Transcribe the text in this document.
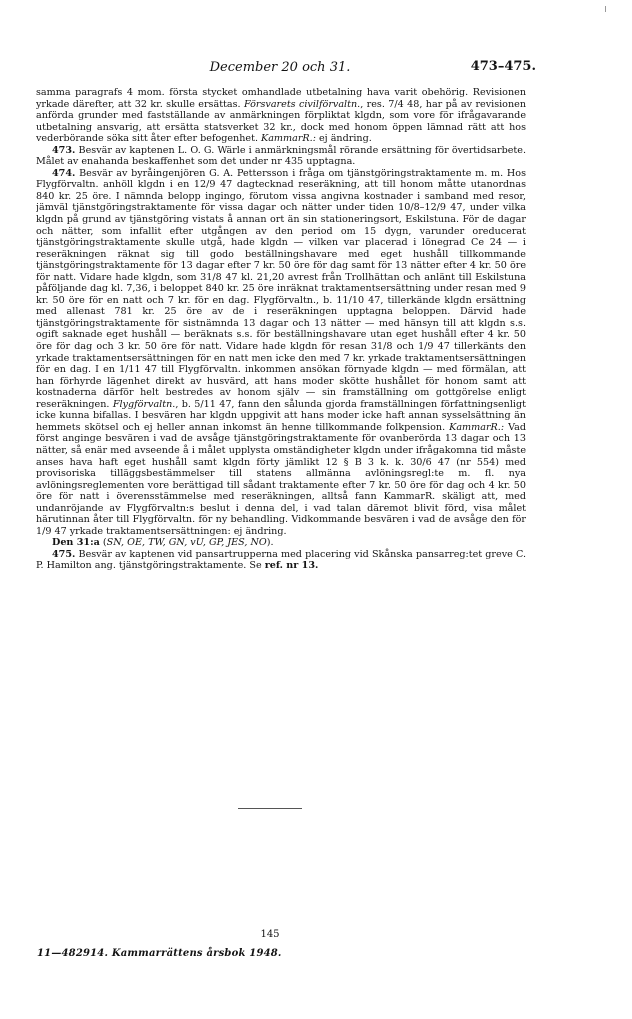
December 20 och 31.	473–475.

samma paragrafs 4 mom. första stycket omhandlade utbetalning hava varit obehörig. Revisionen yrkade därefter, att 32 kr. skulle ersättas. Försvarets civilförvaltn., res. 7/4 48, har på av revisionen anförda grunder med fastställande av anmärkningen förpliktat klgdn, som vore för ifrågavarande utbetalning ansvarig, att ersätta statsverket 32 kr., dock med honom öppen lämnad rätt att hos vederbörande söka sitt åter efter befogenhet. KammarR.: ej ändring.

473. Besvär av kaptenen L. O. G. Wärle i anmärkningsmål rörande ersättning för övertidsarbete. Målet av enahanda beskaffenhet som det under nr 435 upptagna.

474. Besvär av byråingenjören G. A. Pettersson i fråga om tjänstgöringstraktamente m. m. Hos Flygförvaltn. anhöll klgdn i en 12/9 47 dagtecknad reseräkning, att till honom måtte utanordnas 840 kr. 25 öre. I nämnda belopp ingingo, förutom vissa angivna kostnader i samband med resor, jämväl tjänstgöringstraktamente för vissa dagar och nätter under tiden 10/8–12/9 47, under vilka klgdn på grund av tjänstgöring vistats å annan ort än sin stationeringsort, Eskilstuna. För de dagar och nätter, som infallit efter utgången av den period om 15 dygn, varunder oreducerat tjänstgöringstraktamente skulle utgå, hade klgdn — vilken var placerad i lönegrad Ce 24 — i reseräkningen räknat sig till godo beställningshavare med eget hushåll tillkommande tjänstgöringstraktamente för 13 dagar efter 7 kr. 50 öre för dag samt för 13 nätter efter 4 kr. 50 öre för natt. Vidare hade klgdn, som 31/8 47 kl. 21,20 avrest från Trollhättan och anlänt till Eskilstuna påföljande dag kl. 7,36, i beloppet 840 kr. 25 öre inräknat traktamentsersättning under resan med 9 kr. 50 öre för en natt och 7 kr. för en dag. Flygförvaltn., b. 11/10 47, tillerkände klgdn ersättning med allenast 781 kr. 25 öre av de i reseräkningen upptagna beloppen. Därvid hade tjänstgöringstraktamente för sistnämnda 13 dagar och 13 nätter — med hänsyn till att klgdn s.s. ogift saknade eget hushåll — beräknats s.s. för beställningshavare utan eget hushåll efter 4 kr. 50 öre för dag och 3 kr. 50 öre för natt. Vidare hade klgdn för resan 31/8 och 1/9 47 tillerkänts den yrkade traktamentsersättningen för en natt men icke den med 7 kr. yrkade traktamentsersättningen för en dag. I en 1/11 47 till Flygförvaltn. inkommen ansökan förnyade klgdn — med förmälan, att han förhyrde lägenhet direkt av husvärd, att hans moder skötte hushållet för honom samt att kostnaderna därför helt bestredes av honom själv — sin framställning om gottgörelse enligt reseräkningen. Flygförvaltn., b. 5/11 47, fann den sålunda gjorda framställningen författningsenligt icke kunna bifallas. I besvären har klgdn uppgivit att hans moder icke haft annan sysselsättning än hemmets skötsel och ej heller annan inkomst än henne tillkommande folkpension. KammarR.: Vad först anginge besvären i vad de avsåge tjänstgöringstraktamente för ovanberörda 13 dagar och 13 nätter, så enär med avseende å i målet upplysta omständigheter klgdn under ifrågakomna tid måste anses hava haft eget hushåll samt klgdn förty jämlikt 12 § B 3 k. k. 30/6 47 (nr 554) med provisoriska tilläggsbestämmelser till statens allmänna avlöningsregl:te m. fl. nya avlöningsreglementen vore berättigad till sådant traktamente efter 7 kr. 50 öre för dag och 4 kr. 50 öre för natt i överensstämmelse med reseräkningen, alltså fann KammarR. skäligt att, med undanröjande av Flygförvaltn:s beslut i denna del, i vad talan däremot blivit förd, visa målet härutinnan åter till Flygförvaltn. för ny behandling. Vidkommande besvären i vad de avsåge den för 1/9 47 yrkade traktamentsersättningen: ej ändring.

Den 31:a (SN, OE, TW, GN, vU, GP, JES, NO).

475. Besvär av kaptenen vid pansartrupperna med placering vid Skånska pansarreg:tet greve C. P. Hamilton ang. tjänstgöringstraktamente. Se ref. nr 13.

145
11—482914. Kammarrättens årsbok 1948.
